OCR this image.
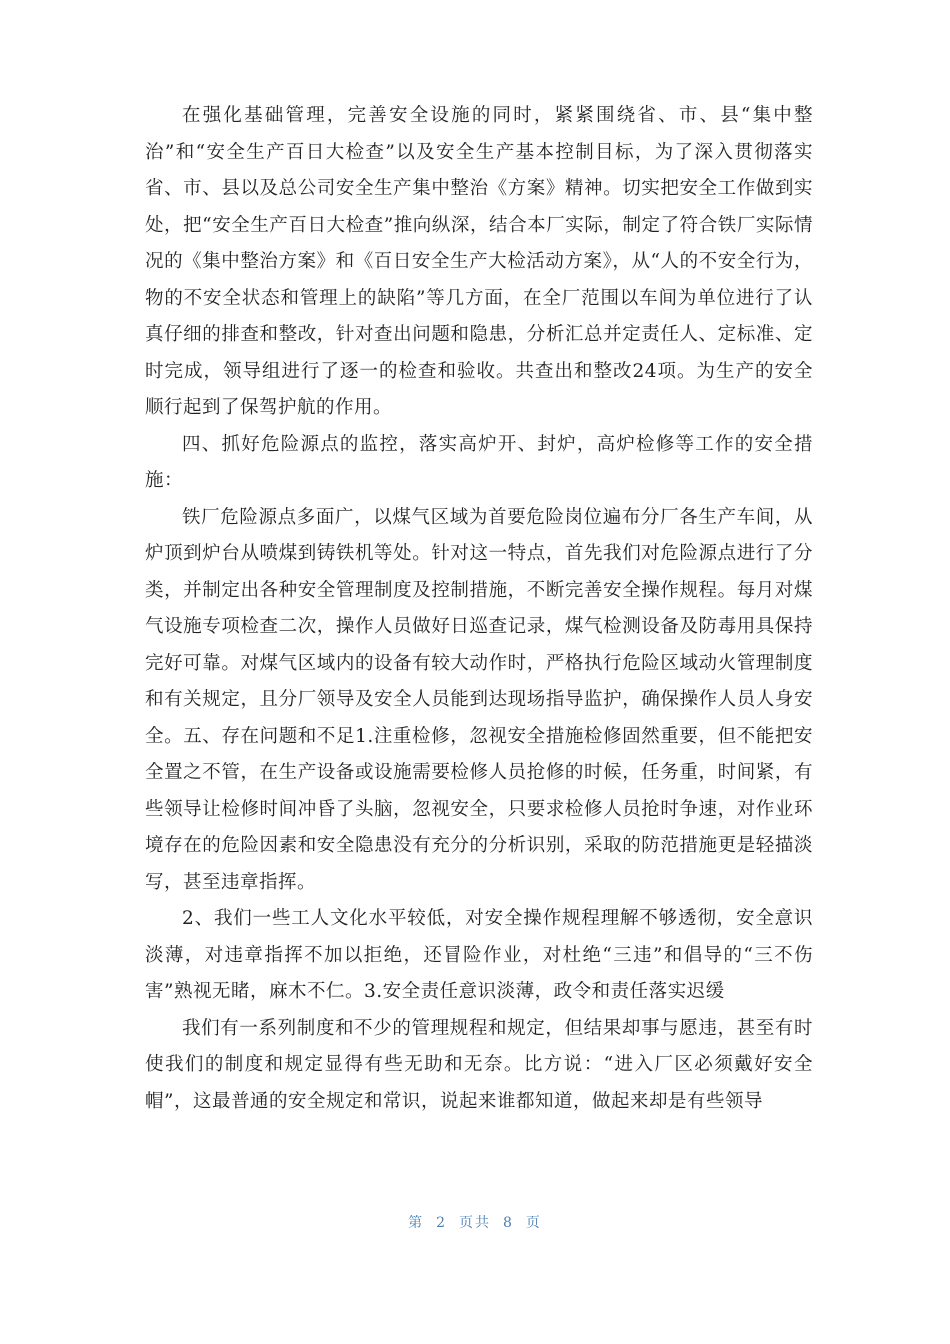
在强化基础管理，完善安全设施的同时，紧紧围绕省、市、县“集中整治”和“安全生产百日大检查”以及安全生产基本控制目标，为了深入贯彻落实省、市、县以及总公司安全生产集中整治《方案》精神。切实把安全工作做到实处，把“安全生产百日大检查”推向纵深，结合本厂实际，制定了符合铁厂实际情况的《集中整治方案》和《百日安全生产大检活动方案》，从“人的不安全行为，物的不安全状态和管理上的缺陷”等几方面，在全厂范围以车间为单位进行了认真仔细的排查和整改，针对查出问题和隐患，分析汇总并定责任人、定标准、定时完成，领导组进行了逐一的检查和验收。共查出和整改24项。为生产的安全顺行起到了保驾护航的作用。

四、抓好危险源点的监控，落实高炉开、封炉，高炉检修等工作的安全措施：

铁厂危险源点多面广，以煤气区域为首要危险岗位遍布分厂各生产车间，从炉顶到炉台从喷煤到铸铁机等处。针对这一特点，首先我们对危险源点进行了分类，并制定出各种安全管理制度及控制措施，不断完善安全操作规程。每月对煤气设施专项检查二次，操作人员做好日巡查记录，煤气检测设备及防毒用具保持完好可靠。对煤气区域内的设备有较大动作时，严格执行危险区域动火管理制度和有关规定，且分厂领导及安全人员能到达现场指导监护，确保操作人员人身安全。五、存在问题和不足1.注重检修，忽视安全措施检修固然重要，但不能把安全置之不管，在生产设备或设施需要检修人员抢修的时候，任务重，时间紧，有些领导让检修时间冲昏了头脑，忽视安全，只要求检修人员抢时争速，对作业环境存在的危险因素和安全隐患没有充分的分析识别，采取的防范措施更是轻描淡写，甚至违章指挥。

2、我们一些工人文化水平较低，对安全操作规程理解不够透彻，安全意识淡薄，对违章指挥不加以拒绝，还冒险作业，对杜绝“三违”和倡导的“三不伤害”熟视无睹，麻木不仁。3.安全责任意识淡薄，政令和责任落实迟缓

我们有一系列制度和不少的管理规程和规定，但结果却事与愿违，甚至有时使我们的制度和规定显得有些无助和无奈。比方说：“进入厂区必须戴好安全帽”，这最普通的安全规定和常识，说起来谁都知道，做起来却是有些领导

第 2 页共 8 页
